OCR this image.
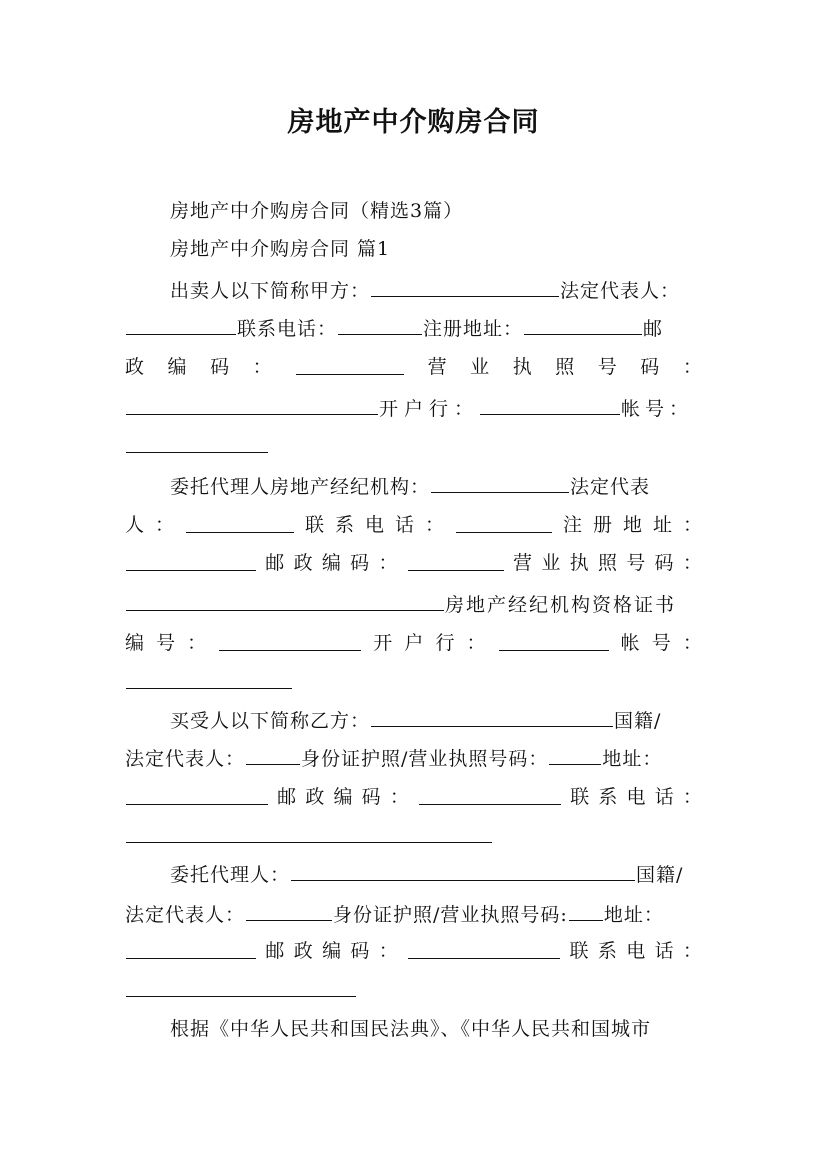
房地产中介购房合同
房地产中介购房合同（精选3篇）
房地产中介购房合同 篇1
出卖人以下简称甲方：	法定代表人：
联系电话：	注册地址：	邮
政 编 码 ：	营 业 执 照 号 码 ：
开户行：	帐号：
委托代理人房地产经纪机构：	法定代表
人 ：	联 系 电 话 ：	注 册 地 址 ：
邮 政 编 码 ：	营 业 执 照 号 码 ：
房地产经纪机构资格证书
编 号 ：	开 户 行 ：	帐 号 ：
买受人以下简称乙方：	国籍/
法定代表人：	身份证护照/营业执照号码：	地址：
邮 政 编 码 ：	联 系 电 话 ：
委托代理人：	国籍/
法定代表人：	身份证护照/营业执照号码: 地址：
邮 政 编 码 ：	联 系 电 话 ：
根据《中华人民共和国民法典》、《中华人民共和国城市
